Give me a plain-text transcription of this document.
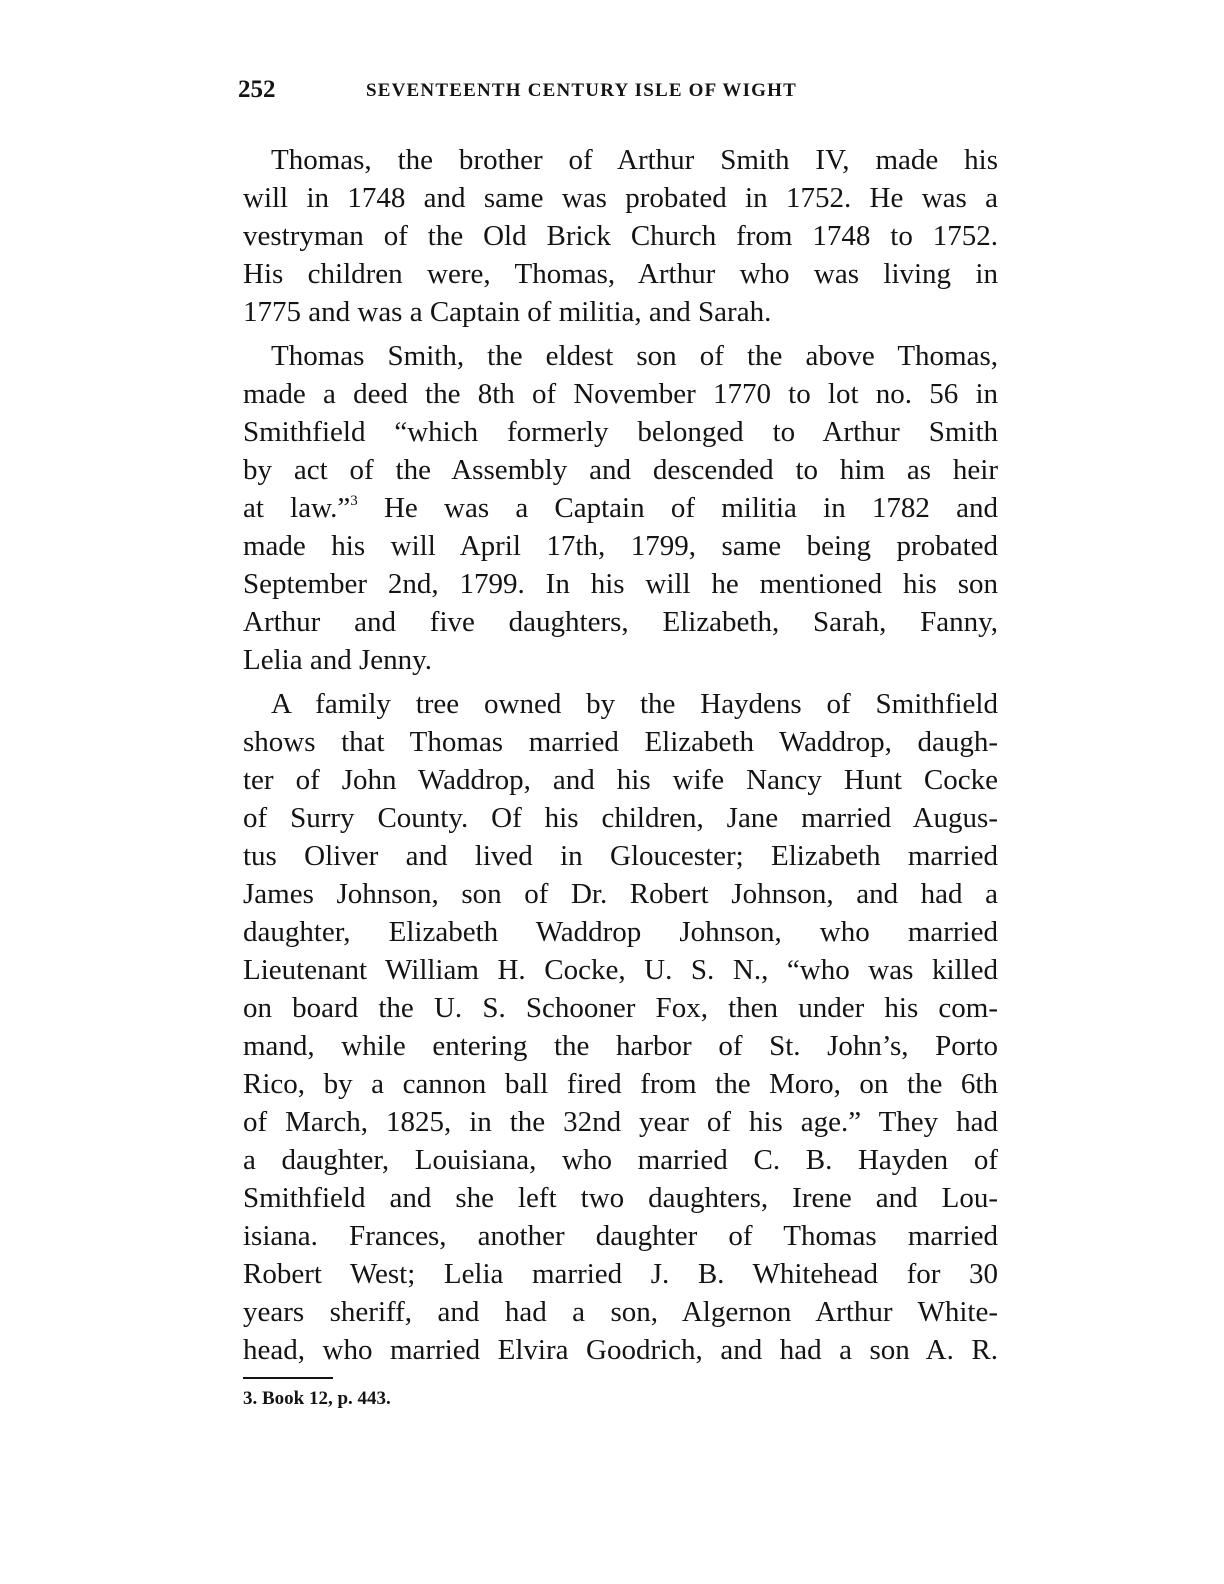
252	SEVENTEENTH CENTURY ISLE OF WIGHT
Thomas, the brother of Arthur Smith IV, made his
will in 1748 and same was probated in 1752. He was a
vestryman of the Old Brick Church from 1748 to 1752.
His children were, Thomas, Arthur who was living in
1775 and was a Captain of militia, and Sarah.
Thomas Smith, the eldest son of the above Thomas,
made a deed the 8th of November 1770 to lot no. 56 in
Smithfield “which formerly belonged to Arthur Smith
by act of the Assembly and descended to him as heir
at law.”$^3$ He was a Captain of militia in 1782 and
made his will April 17th, 1799, same being probated
September 2nd, 1799. In his will he mentioned his son
Arthur and five daughters, Elizabeth, Sarah, Fanny,
Lelia and Jenny.
A family tree owned by the Haydens of Smithfield
shows that Thomas married Elizabeth Waddrop, daugh-
ter of John Waddrop, and his wife Nancy Hunt Cocke
of Surry County. Of his children, Jane married Augus-
tus Oliver and lived in Gloucester; Elizabeth married
James Johnson, son of Dr. Robert Johnson, and had a
daughter, Elizabeth Waddrop Johnson, who married
Lieutenant William H. Cocke, U. S. N., “who was killed
on board the U. S. Schooner Fox, then under his com-
mand, while entering the harbor of St. John’s, Porto
Rico, by a cannon ball fired from the Moro, on the 6th
of March, 1825, in the 32nd year of his age.” They had
a daughter, Louisiana, who married C. B. Hayden of
Smithfield and she left two daughters, Irene and Lou-
isiana. Frances, another daughter of Thomas married
Robert West; Lelia married J. B. Whitehead for 30
years sheriff, and had a son, Algernon Arthur White-
head, who married Elvira Goodrich, and had a son A. R.
3. Book 12, p. 443.
